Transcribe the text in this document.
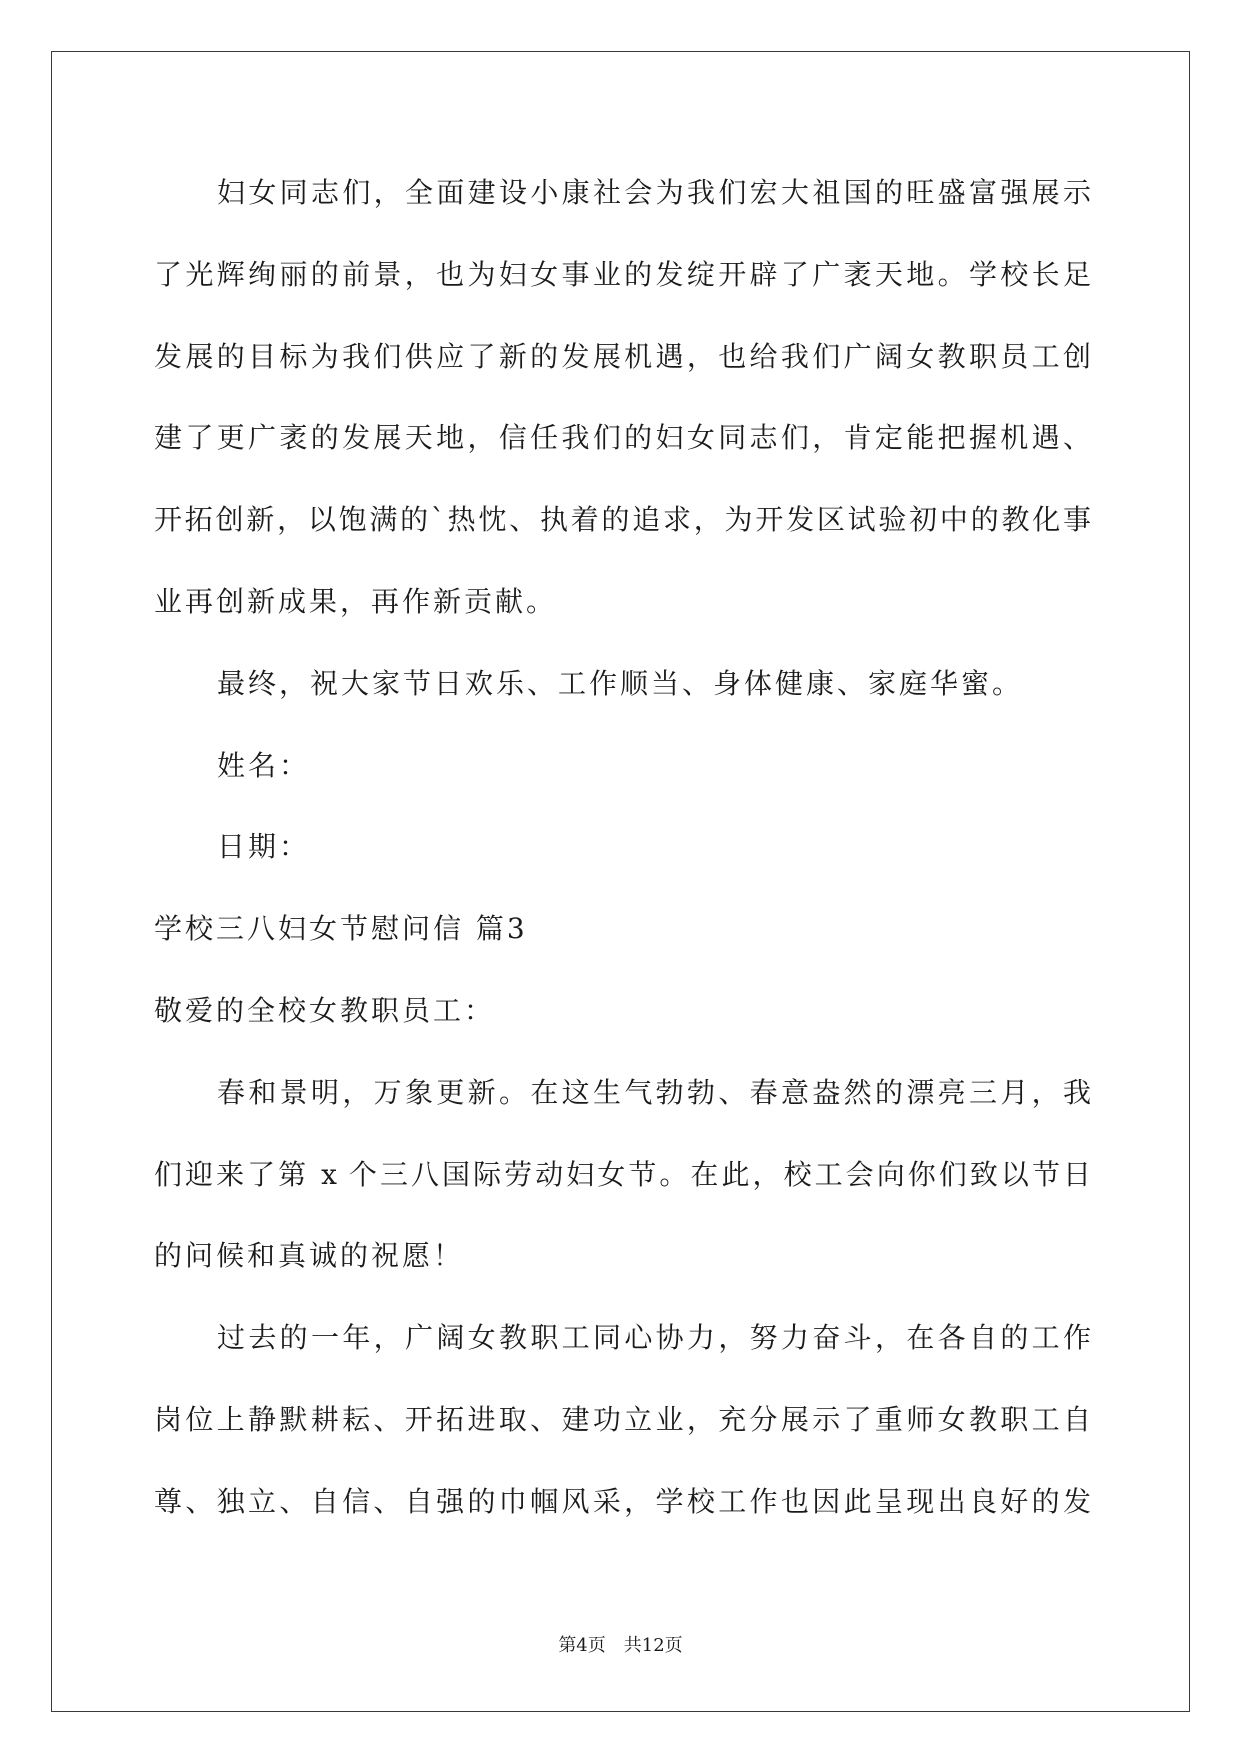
妇女同志们，全面建设小康社会为我们宏大祖国的旺盛富强展示
了光辉绚丽的前景，也为妇女事业的发绽开辟了广袤天地。学校长足
发展的目标为我们供应了新的发展机遇，也给我们广阔女教职员工创
建了更广袤的发展天地，信任我们的妇女同志们，肯定能把握机遇、
开拓创新，以饱满的`热忱、执着的追求，为开发区试验初中的教化事
业再创新成果，再作新贡献。
最终，祝大家节日欢乐、工作顺当、身体健康、家庭华蜜。
姓名：
日期：
学校三八妇女节慰问信 篇3
敬爱的全校女教职员工：
春和景明，万象更新。在这生气勃勃、春意盎然的漂亮三月，我
们迎来了第 x 个三八国际劳动妇女节。在此，校工会向你们致以节日
的问候和真诚的祝愿！
过去的一年，广阔女教职工同心协力，努力奋斗，在各自的工作
岗位上静默耕耘、开拓进取、建功立业，充分展示了重师女教职工自
尊、独立、自信、自强的巾帼风采，学校工作也因此呈现出良好的发
第4页 共12页
